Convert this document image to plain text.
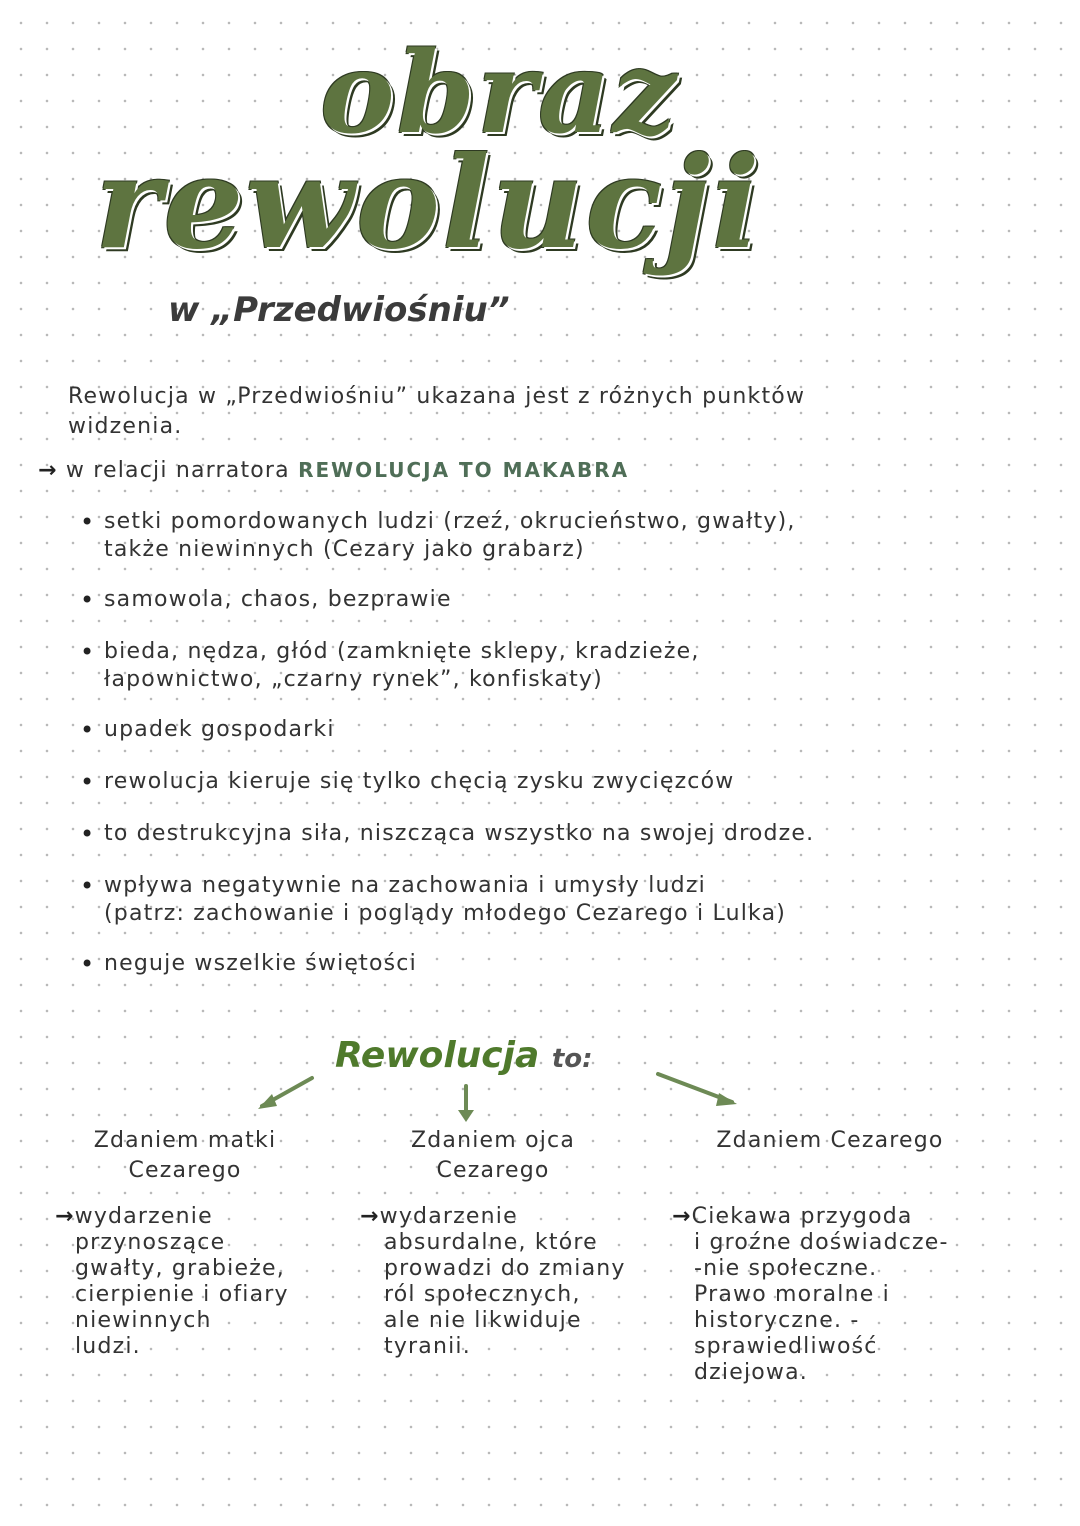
obraz
rewolucji
w „Przedwiośniu”
Rewolucja w „Przedwiośniu” ukazana jest z różnych punktów
widzenia.
→ w relacji narratora REWOLUCJA TO MAKABRA
• setki pomordowanych ludzi (rzeź, okrucieństwo, gwałty),
także niewinnych (Cezary jako grabarz)
• samowola, chaos, bezprawie
• bieda, nędza, głód (zamknięte sklepy, kradzieże,
łapownictwo, „czarny rynek”, konfiskaty)
• upadek gospodarki
• rewolucja kieruje się tylko chęcią zysku zwycięzców
• to destrukcyjna siła, niszcząca wszystko na swojej drodze.
• wpływa negatywnie na zachowania i umysły ludzi
(patrz: zachowanie i poglądy młodego Cezarego i Lulka)
• neguje wszelkie świętości
Rewolucja to:
Zdaniem matki
Cezarego
Zdaniem ojca
Cezarego
Zdaniem Cezarego
→wydarzenie
przynoszące
gwałty, grabieże,
cierpienie i ofiary
niewinnych
ludzi.
→wydarzenie
absurdalne, które
prowadzi do zmiany
ról społecznych,
ale nie likwiduje
tyranii.
→Ciekawa przygoda
i groźne doświadcze-
-nie społeczne.
Prawo moralne i
historyczne. -
sprawiedliwość
dziejowa.
